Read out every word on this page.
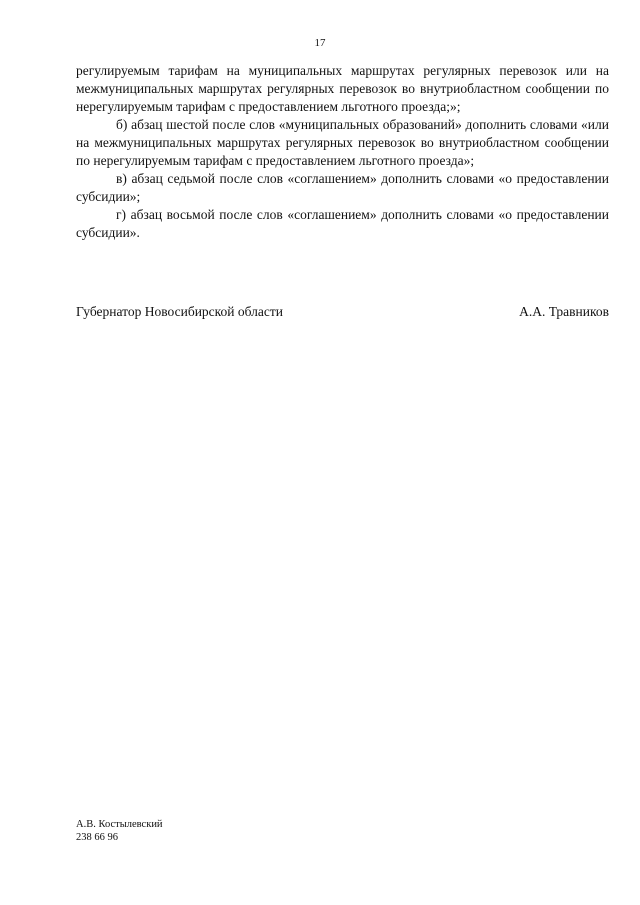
17

регулируемым тарифам на муниципальных маршрутах регулярных перевозок или на межмуниципальных маршрутах регулярных перевозок во внутриобластном сообщении по нерегулируемым тарифам с предоставлением льготного проезда;»;

б) абзац шестой после слов «муниципальных образований» дополнить словами «или на межмуниципальных маршрутах регулярных перевозок во внутриобластном сообщении по нерегулируемым тарифам с предоставлением льготного проезда»;

в) абзац седьмой после слов «соглашением» дополнить словами «о предоставлении субсидии»;

г) абзац восьмой после слов «соглашением» дополнить словами «о предоставлении субсидии».

Губернатор Новосибирской области	А.А. Травников
А.В. Костылевский
238 66 96
